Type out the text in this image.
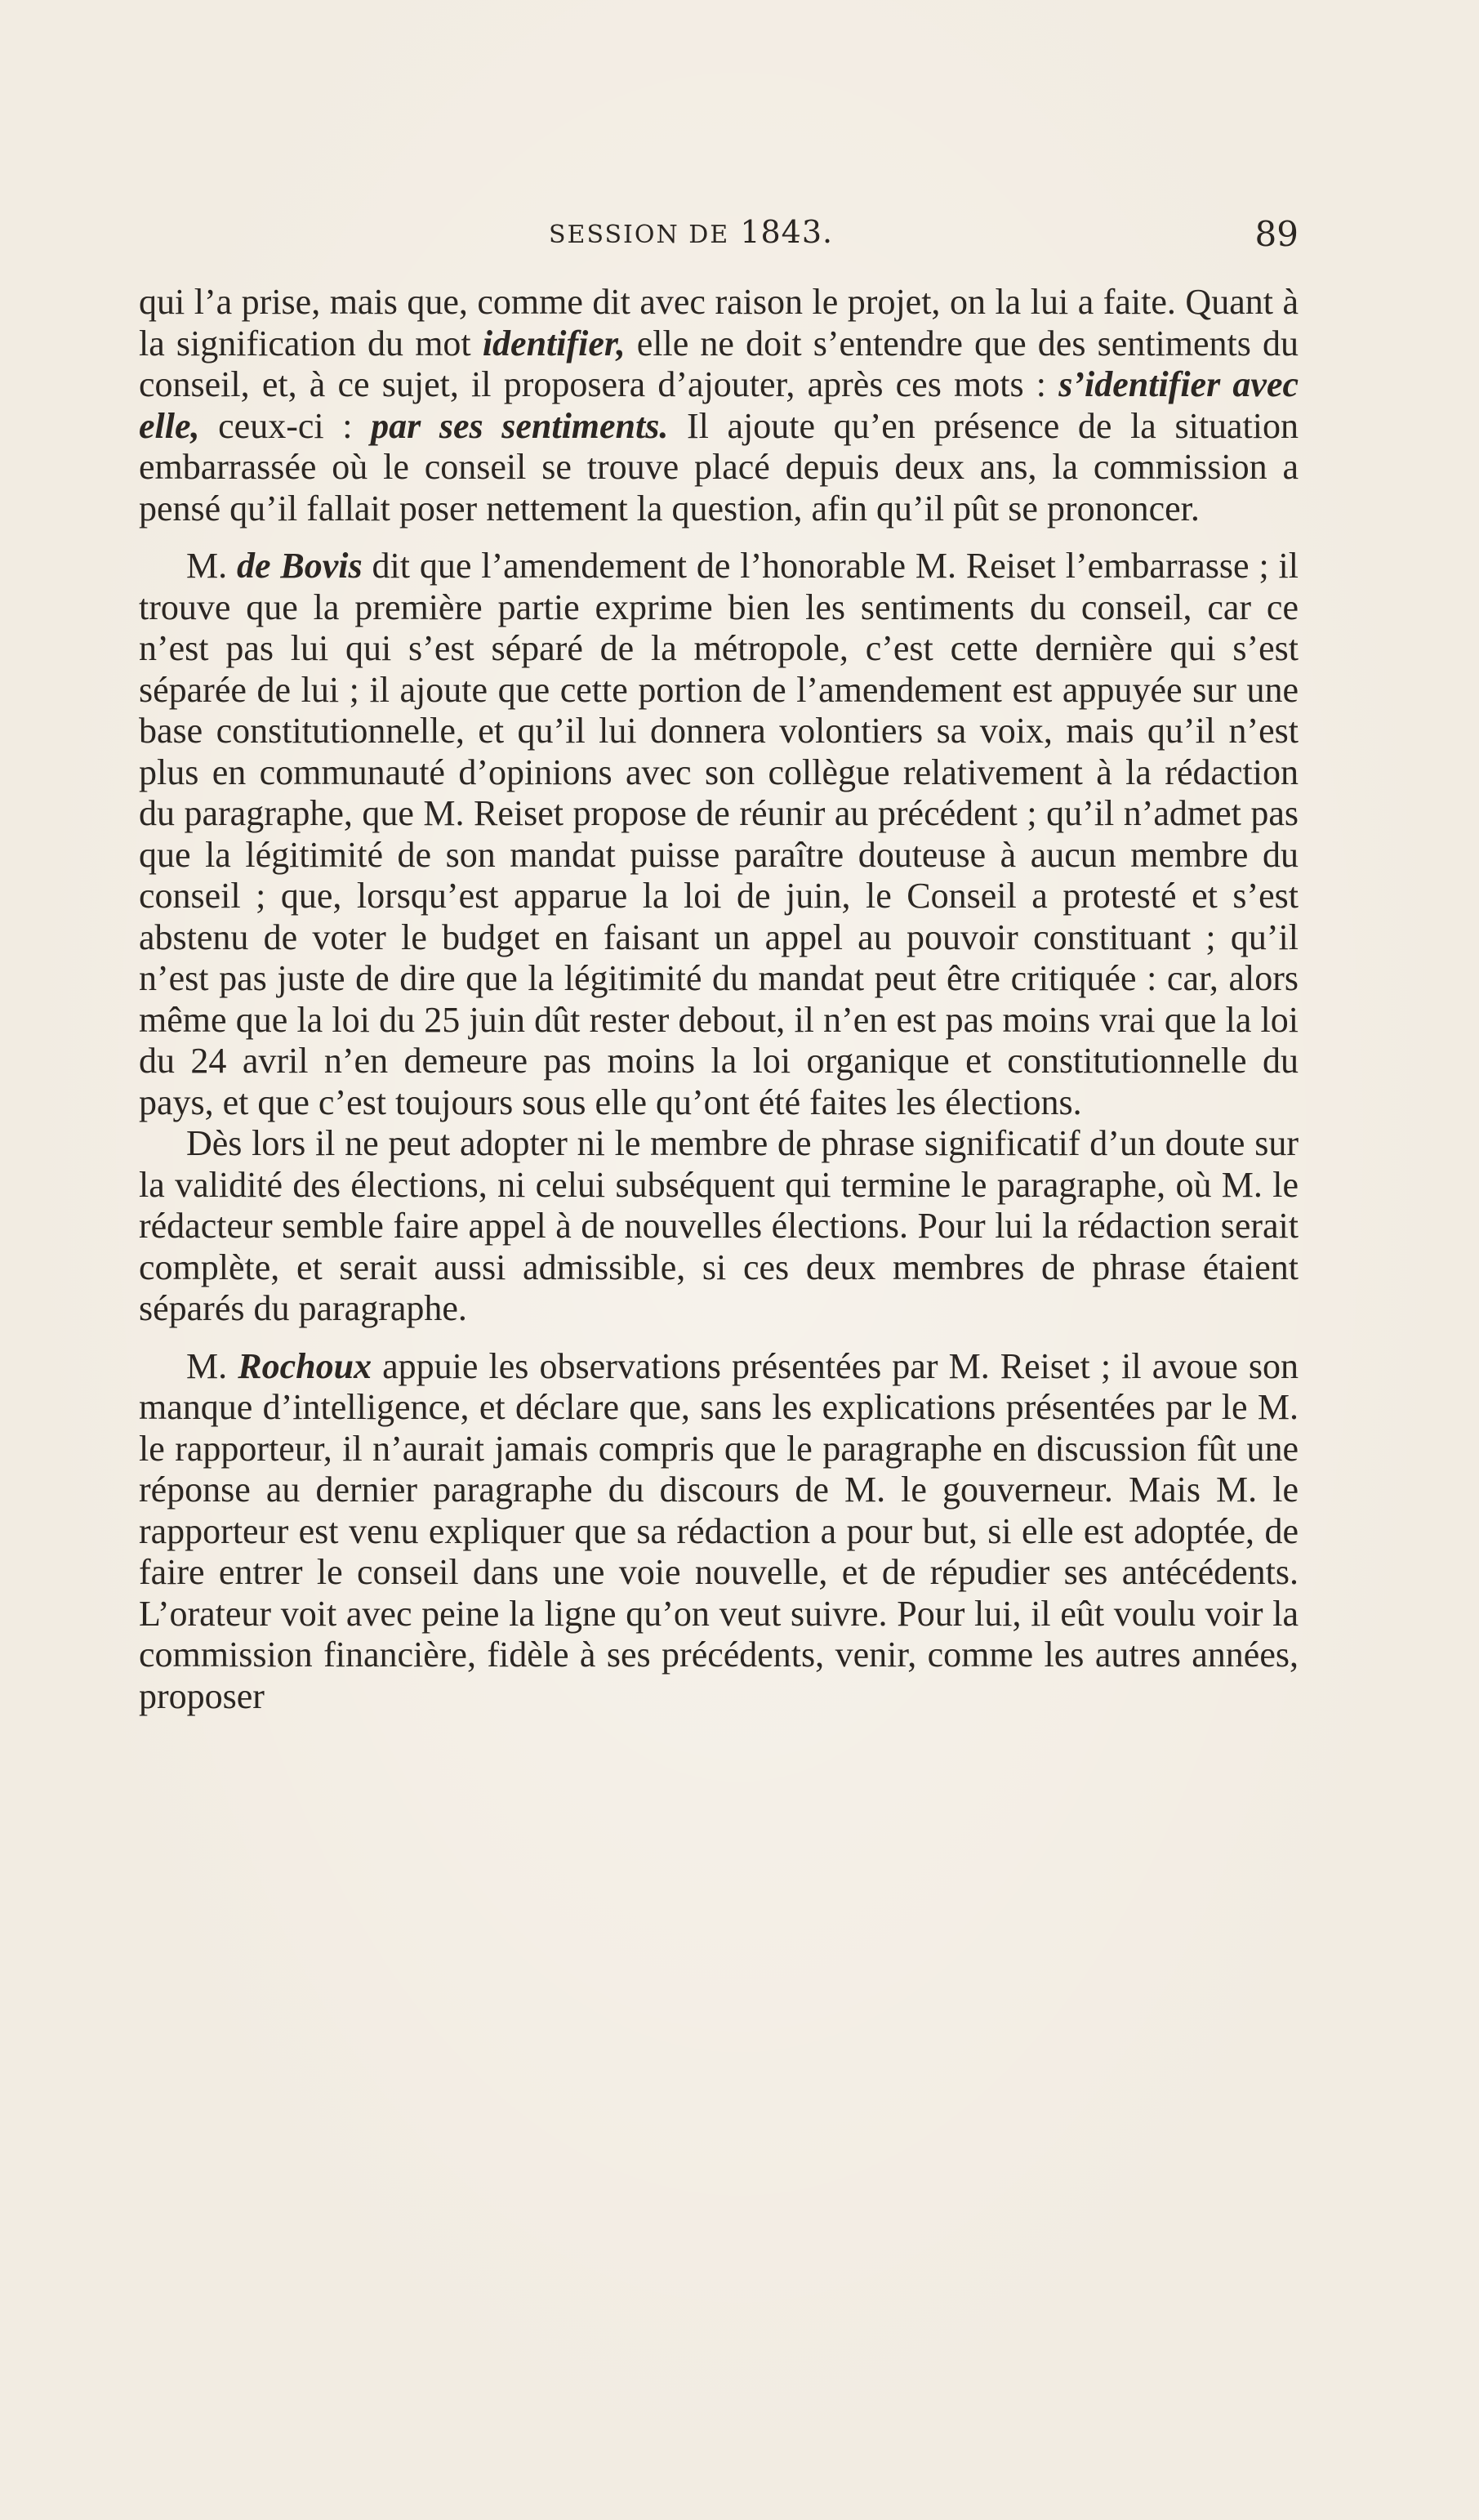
SESSION DE 1843.	89

qui l’a prise, mais que, comme dit avec raison le projet, on la lui a faite. Quant à la signification du mot identifier, elle ne doit s’entendre que des sentiments du conseil, et, à ce sujet, il proposera d’ajouter, après ces mots : s’identifier avec elle, ceux-ci : par ses sentiments. Il ajoute qu’en présence de la situation embarrassée où le conseil se trouve placé depuis deux ans, la commission a pensé qu’il fallait poser nettement la question, afin qu’il pût se prononcer.

M. de Bovis dit que l’amendement de l’honorable M. Reiset l’embarrasse ; il trouve que la première partie exprime bien les sentiments du conseil, car ce n’est pas lui qui s’est séparé de la métropole, c’est cette dernière qui s’est séparée de lui ; il ajoute que cette portion de l’amendement est appuyée sur une base constitutionnelle, et qu’il lui donnera volontiers sa voix, mais qu’il n’est plus en communauté d’opinions avec son collègue relativement à la rédaction du paragraphe, que M. Reiset propose de réunir au précédent ; qu’il n’admet pas que la légitimité de son mandat puisse paraître douteuse à aucun membre du conseil ; que, lorsqu’est apparue la loi de juin, le Conseil a protesté et s’est abstenu de voter le budget en faisant un appel au pouvoir constituant ; qu’il n’est pas juste de dire que la légitimité du mandat peut être critiquée : car, alors même que la loi du 25 juin dût rester debout, il n’en est pas moins vrai que la loi du 24 avril n’en demeure pas moins la loi organique et constitutionnelle du pays, et que c’est toujours sous elle qu’ont été faites les élections.

Dès lors il ne peut adopter ni le membre de phrase significatif d’un doute sur la validité des élections, ni celui subséquent qui termine le paragraphe, où M. le rédacteur semble faire appel à de nouvelles élections. Pour lui la rédaction serait complète, et serait aussi admissible, si ces deux membres de phrase étaient séparés du paragraphe.

M. Rochoux appuie les observations présentées par M. Reiset ; il avoue son manque d’intelligence, et déclare que, sans les explications présentées par le M. le rapporteur, il n’aurait jamais compris que le paragraphe en discussion fût une réponse au dernier paragraphe du discours de M. le gouverneur. Mais M. le rapporteur est venu expliquer que sa rédaction a pour but, si elle est adoptée, de faire entrer le conseil dans une voie nouvelle, et de répudier ses antécédents. L’orateur voit avec peine la ligne qu’on veut suivre. Pour lui, il eût voulu voir la commission financière, fidèle à ses précédents, venir, comme les autres années, proposer
